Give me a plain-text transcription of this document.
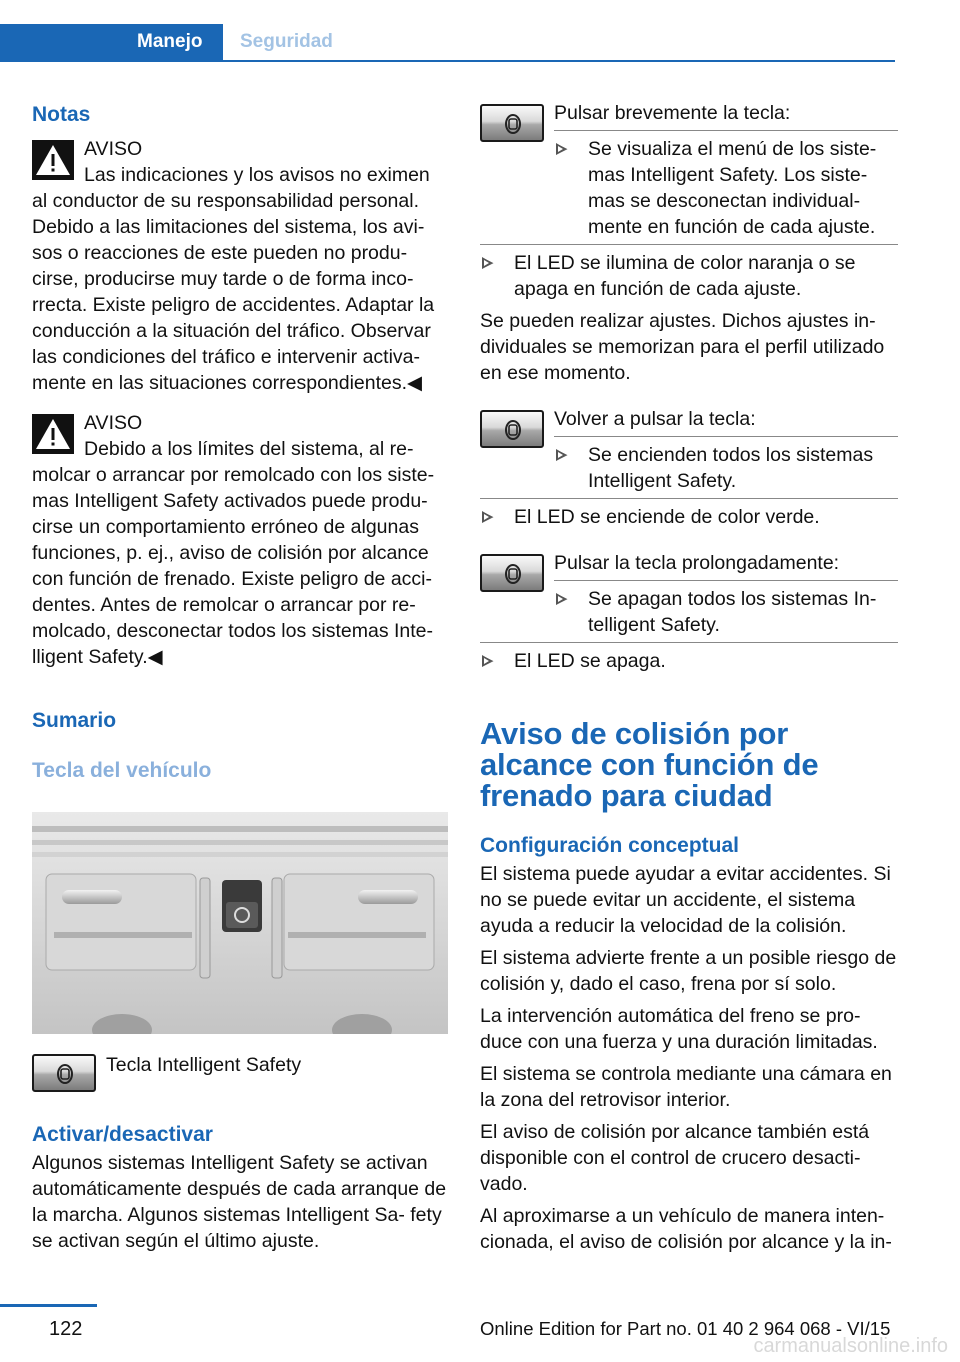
Manejo	Seguridad
Notas
AVISO
Las indicaciones y los avisos no eximen

al conductor de su responsabilidad personal. Debido a las limitaciones del sistema, los avi‐ sos o reacciones de este pueden no produ‐ cirse, producirse muy tarde o de forma inco‐ rrecta. Existe peligro de accidentes. Adaptar la conducción a la situación del tráfico. Observar las condiciones del tráfico e intervenir activa‐ mente en las situaciones correspondientes.◀

AVISO
Debido a los límites del sistema, al re‐

molcar o arrancar por remolcado con los siste‐ mas Intelligent Safety activados puede produ‐ cirse un comportamiento erróneo de algunas funciones, p. ej., aviso de colisión por alcance con función de frenado. Existe peligro de acci‐ dentes. Antes de remolcar o arrancar por re‐ molcado, desconectar todos los sistemas Inte‐ lligent Safety.◀

Sumario
Tecla del vehículo
Tecla Intelligent Safety
Activar/desactivar

Algunos sistemas Intelligent Safety se activan automáticamente después de cada arranque de la marcha. Algunos sistemas Intelligent Sa‐ fety se activan según el último ajuste.

Pulsar brevemente la tecla:

▷ Se visualiza el menú de los siste‐ mas Intelligent Safety. Los siste‐ mas se desconectan individual‐ mente en función de cada ajuste.

▷ El LED se ilumina de color naranja o se apaga en función de cada ajuste.

Se pueden realizar ajustes. Dichos ajustes in‐ dividuales se memorizan para el perfil utilizado en ese momento.

Volver a pulsar la tecla:

▷ Se encienden todos los sistemas Intelligent Safety.

▷ El LED se enciende de color verde.

Pulsar la tecla prolongadamente:

▷ Se apagan todos los sistemas In‐ telligent Safety.

▷ El LED se apaga.

Aviso de colisión por alcance con función de frenado para ciudad
Configuración conceptual

El sistema puede ayudar a evitar accidentes. Si no se puede evitar un accidente, el sistema ayuda a reducir la velocidad de la colisión.

El sistema advierte frente a un posible riesgo de colisión y, dado el caso, frena por sí solo.

La intervención automática del freno se pro‐ duce con una fuerza y una duración limitadas.

El sistema se controla mediante una cámara en la zona del retrovisor interior.

El aviso de colisión por alcance también está disponible con el control de crucero desacti‐ vado.

Al aproximarse a un vehículo de manera inten‐ cionada, el aviso de colisión por alcance y la in‐

122	Online Edition for Part no. 01 40 2 964 068 - VI/15
carmanualsonline.info
